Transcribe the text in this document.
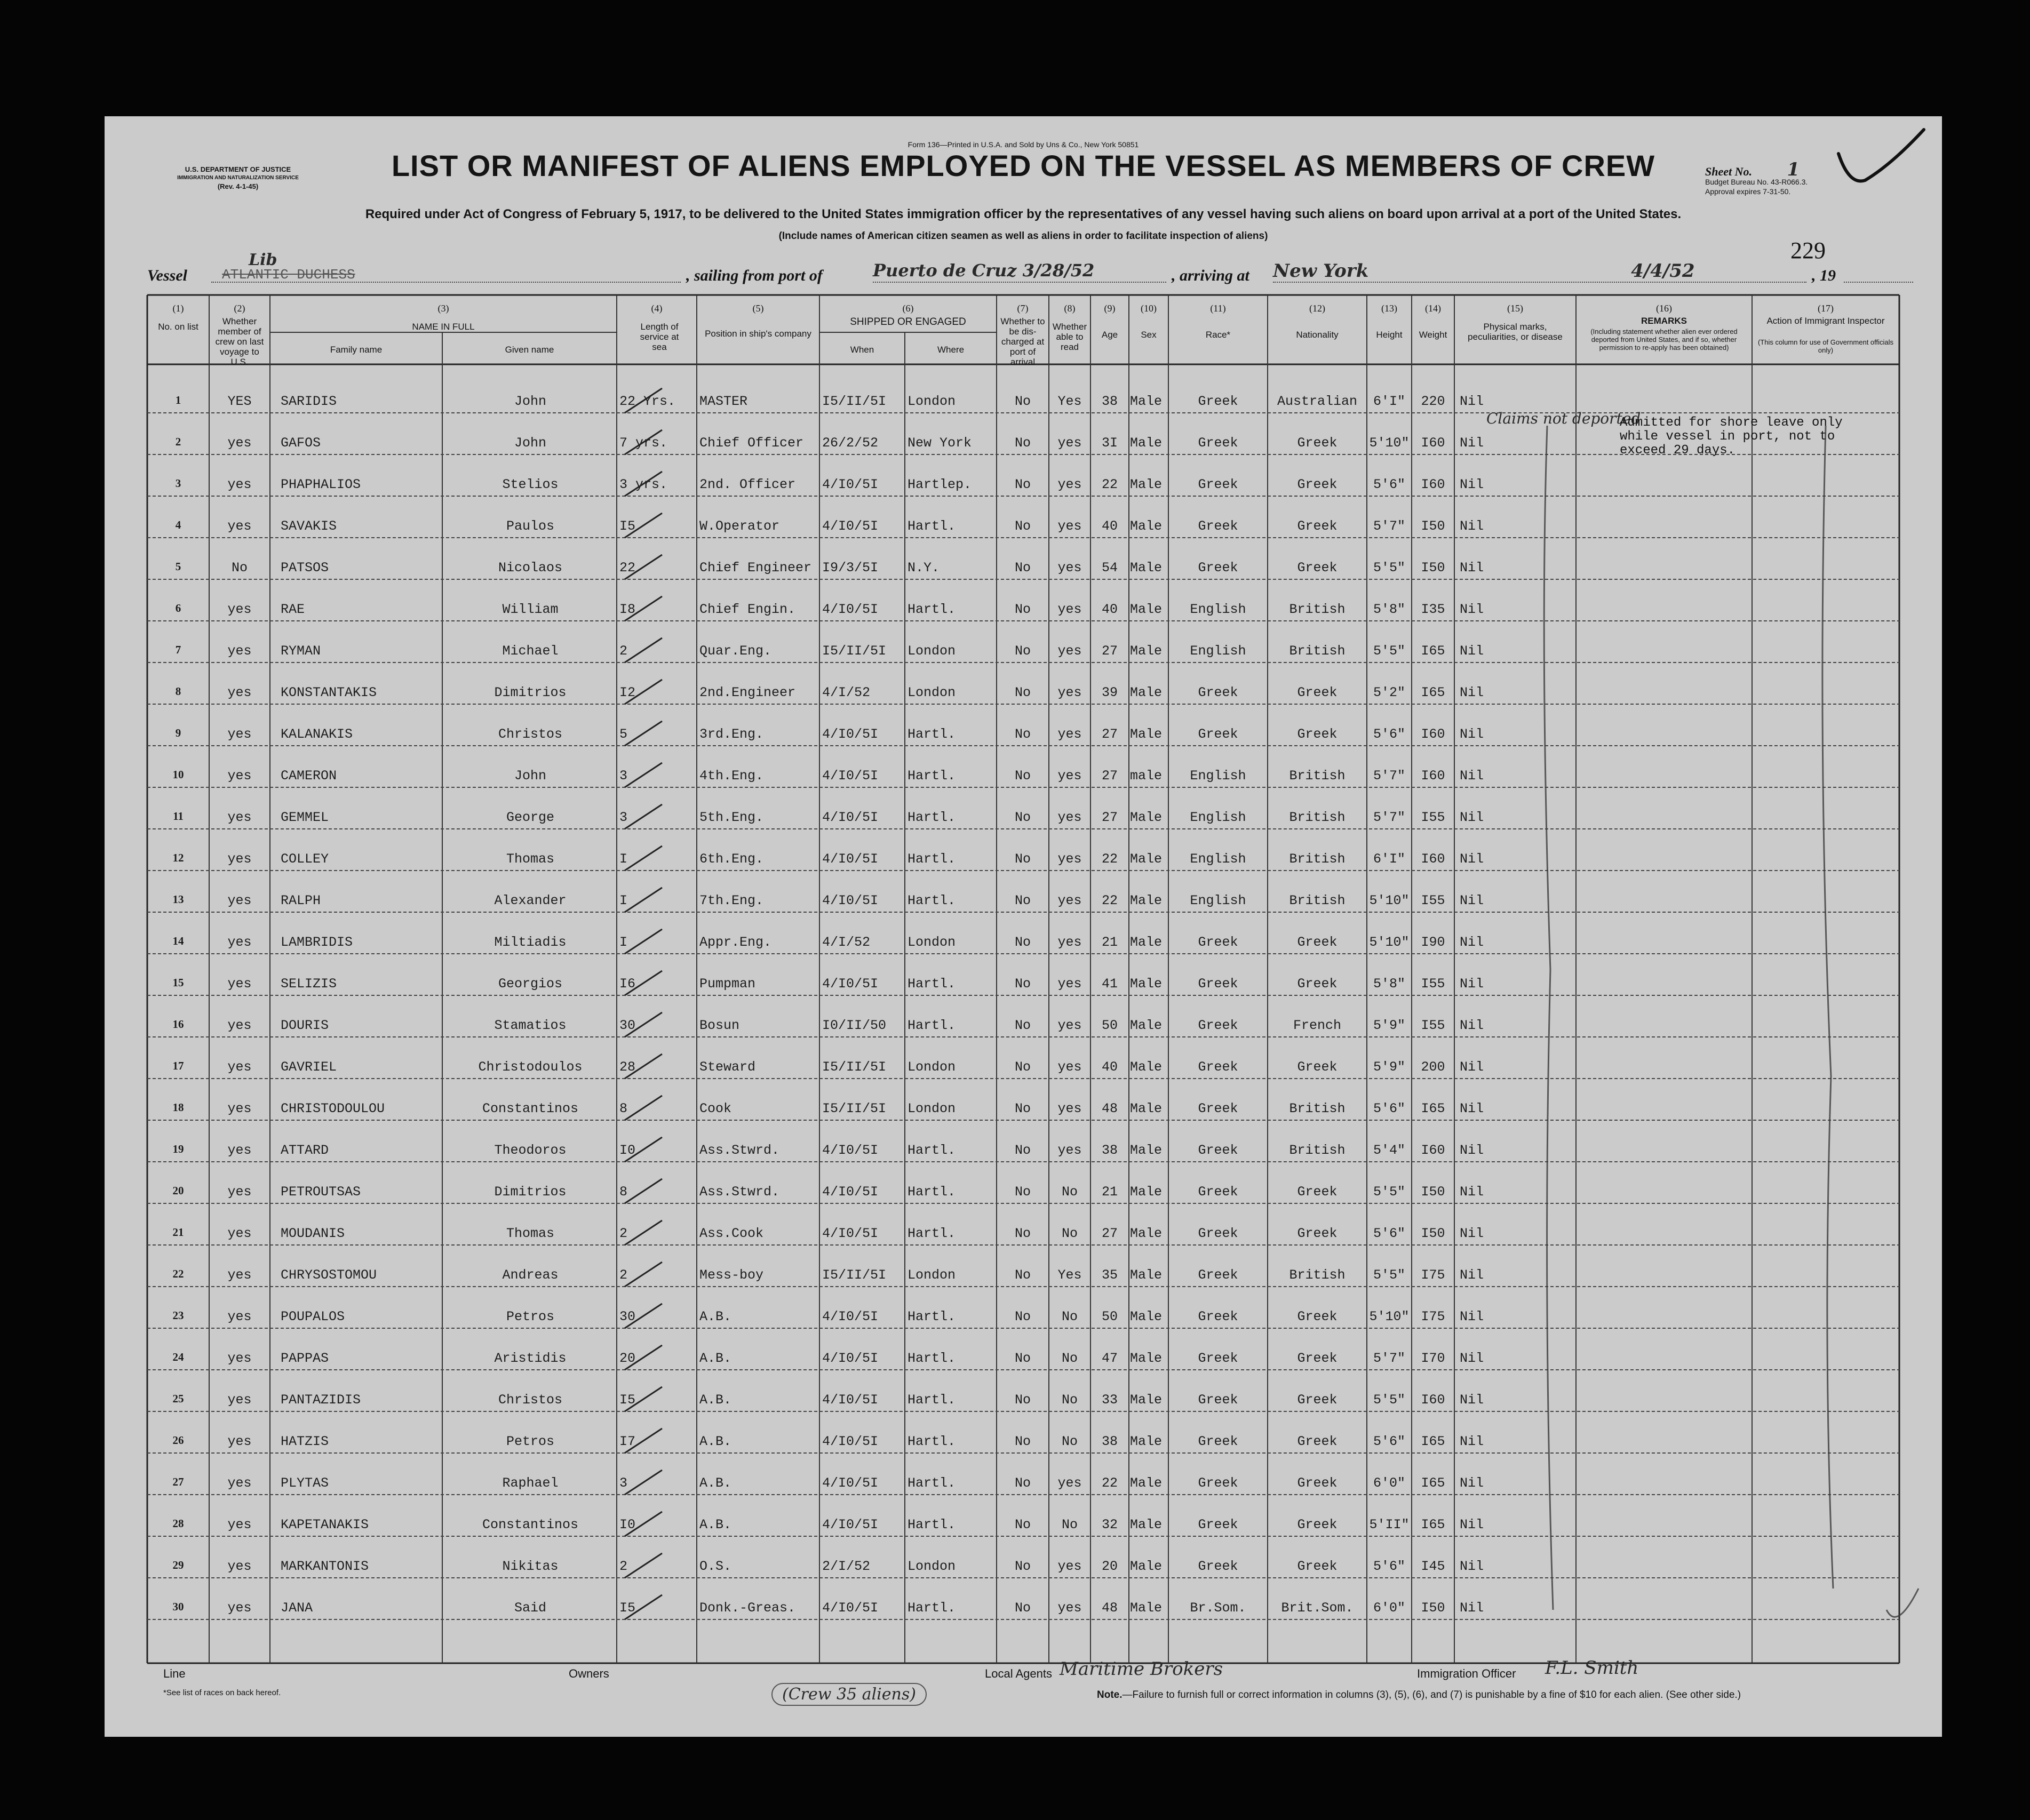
Form 136—Printed in U.S.A. and Sold by Uns & Co., New York 50851
U.S. DEPARTMENT OF JUSTICE
IMMIGRATION AND NATURALIZATION SERVICE
(Rev. 4-1-45)
LIST OR MANIFEST OF ALIENS EMPLOYED ON THE VESSEL AS MEMBERS OF CREW	Sheet No. 1
Budget Bureau No. 43-R066.3.
Approval expires 7-31-50.
Required under Act of Congress of February 5, 1917, to be delivered to the United States immigration officer by the representatives of any vessel having such aliens on board upon arrival at a port of the United States.
(Include names of American citizen seamen as well as aliens in order to facilitate inspection of aliens)
229
Vessel
Lib
ATLANTIC DUCHESS	, sailing from port of	Puerto de Cruz 3/28/52	, arriving at New York	4/4/52	, 19
(1)	(2)	(3)	(4)	(5)	(6)	(7)	(8)	(9)	(10)	(11)	(12)	(13)	(14)	(15)	(16)	(17)
No. on list
Whether member of crew on last voyage to U.S.
NAME IN FULL
Family name	Given name
Length of service at sea
Position in ship's company
SHIPPED OR ENGAGED
When	Where
Whether to be dis-charged at port of arrival
Whether able to read
Age	Sex	Race*	Nationality	Height	Weight
Physical marks, peculiarities, or disease
REMARKS
(Including statement whether alien ever ordered deported from United States, and if so, whether permission to re-apply has been obtained)
Action of Immigrant Inspector
(This column for use of Government officials only)
1	YES	SARIDIS	John	22 Yrs.	MASTER	I5/II/5I	London	No	Yes	38 Male	Greek	Australian	6'I"	220	Nil
2	yes	GAFOS	John	7 yrs.	Chief Officer	26/2/52	New York	No	yes	3I Male	Greek	Greek	5'10" I60	Nil
3	yes	PHAPHALIOS	Stelios	3 yrs.	2nd. Officer	4/I0/5I	Hartlep.	No	yes	22 Male	Greek	Greek	5'6"	I60	Nil
4	yes	SAVAKIS	Paulos	I5	W.Operator	4/I0/5I	Hartl.	No	yes	40 Male	Greek	Greek	5'7"	I50	Nil
5	No	PATSOS	Nicolaos	22	Chief Engineer I9/3/5I	N.Y.	No	yes	54 Male	Greek	Greek	5'5"	I50	Nil
6	yes	RAE	William	I8	Chief Engin.	4/I0/5I	Hartl.	No	yes	40 Male	English	British	5'8"	I35	Nil
7	yes	RYMAN	Michael	2	Quar.Eng.	I5/II/5I	London	No	yes	27 Male	English	British	5'5"	I65	Nil
8	yes	KONSTANTAKIS	Dimitrios	I2	2nd.Engineer	4/I/52	London	No	yes	39 Male	Greek	Greek	5'2"	I65	Nil
9	yes	KALANAKIS	Christos	5	3rd.Eng.	4/I0/5I	Hartl.	No	yes	27 Male	Greek	Greek	5'6"	I60	Nil
10	yes	CAMERON	John	3	4th.Eng.	4/I0/5I	Hartl.	No	yes	27 male	English	British	5'7"	I60	Nil
11	yes	GEMMEL	George	3	5th.Eng.	4/I0/5I	Hartl.	No	yes	27 Male	English	British	5'7"	I55	Nil
12	yes	COLLEY	Thomas	I	6th.Eng.	4/I0/5I	Hartl.	No	yes	22 Male	English	British	6'I"	I60	Nil
13	yes	RALPH	Alexander	I	7th.Eng.	4/I0/5I	Hartl.	No	yes	22 Male	English	British	5'10" I55	Nil
14	yes	LAMBRIDIS	Miltiadis	I	Appr.Eng.	4/I/52	London	No	yes	21 Male	Greek	Greek	5'10" I90	Nil
15	yes	SELIZIS	Georgios	I6	Pumpman	4/I0/5I	Hartl.	No	yes	41 Male	Greek	Greek	5'8"	I55	Nil
16	yes	DOURIS	Stamatios	30	Bosun	I0/II/50	Hartl.	No	yes	50 Male	Greek	French	5'9"	I55	Nil
17	yes	GAVRIEL	Christodoulos	28	Steward	I5/II/5I	London	No	yes	40 Male	Greek	Greek	5'9"	200	Nil
18	yes	CHRISTODOULOU	Constantinos	8	Cook	I5/II/5I	London	No	yes	48 Male	Greek	British	5'6"	I65	Nil
19	yes	ATTARD	Theodoros	I0	Ass.Stwrd.	4/I0/5I	Hartl.	No	yes	38 Male	Greek	British	5'4"	I60	Nil
20	yes	PETROUTSAS	Dimitrios	8	Ass.Stwrd.	4/I0/5I	Hartl.	No	No	21 Male	Greek	Greek	5'5"	I50	Nil
21	yes	MOUDANIS	Thomas	2	Ass.Cook	4/I0/5I	Hartl.	No	No	27 Male	Greek	Greek	5'6"	I50	Nil
22	yes	CHRYSOSTOMOU	Andreas	2	Mess-boy	I5/II/5I	London	No	Yes	35 Male	Greek	British	5'5"	I75	Nil
23	yes	POUPALOS	Petros	30	A.B.	4/I0/5I	Hartl.	No	No	50 Male	Greek	Greek	5'10" I75	Nil
24	yes	PAPPAS	Aristidis	20	A.B.	4/I0/5I	Hartl.	No	No	47 Male	Greek	Greek	5'7"	I70	Nil
25	yes	PANTAZIDIS	Christos	I5	A.B.	4/I0/5I	Hartl.	No	No	33 Male	Greek	Greek	5'5"	I60	Nil
26	yes	HATZIS	Petros	I7	A.B.	4/I0/5I	Hartl.	No	No	38 Male	Greek	Greek	5'6"	I65	Nil
27	yes	PLYTAS	Raphael	3	A.B.	4/I0/5I	Hartl.	No	yes	22 Male	Greek	Greek	6'0"	I65	Nil
28	yes	KAPETANAKIS	Constantinos	I0	A.B.	4/I0/5I	Hartl.	No	No	32 Male	Greek	Greek	5'II" I65	Nil
29	yes	MARKANTONIS	Nikitas	2	O.S.	2/I/52	London	No	yes	20 Male	Greek	Greek	5'6"	I45	Nil
30	yes	JANA	Said	I5	Donk.-Greas.	4/I0/5I	Hartl.	No	yes	48 Male	Br.Som.	Brit.Som.	6'0"	I50	Nil
Claims not deported
Admitted for shore leave only while vessel in port, not to exceed 29 days.
Line	Owners	Local Agents Maritime Brokers	Immigration Officer F.L. Smith
*See list of races on back hereof.	(Crew 35 aliens)	Note.—Failure to furnish full or correct information in columns (3), (5), (6), and (7) is punishable by a fine of $10 for each alien. (See other side.)
